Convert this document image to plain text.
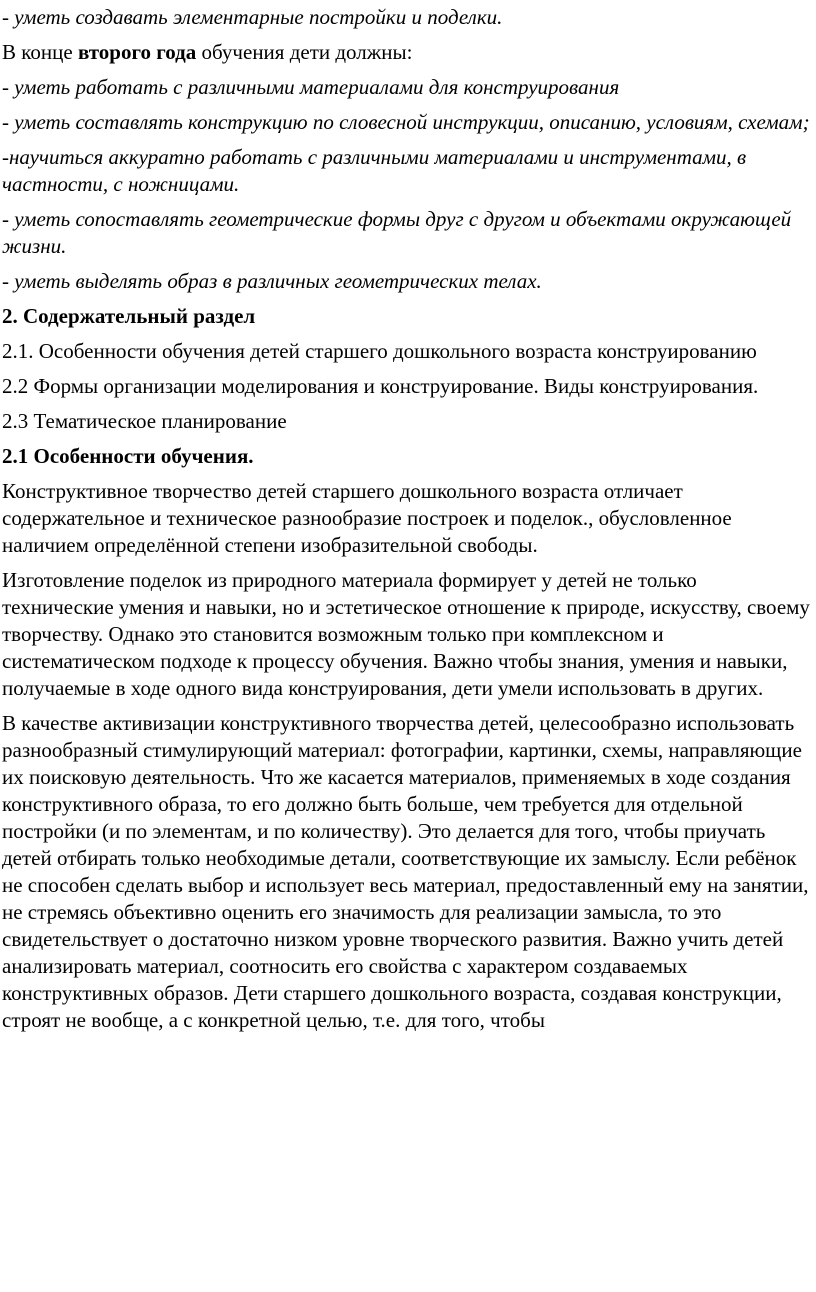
- уметь создавать элементарные постройки и поделки.

В конце второго года обучения дети должны:

- уметь работать с различными материалами для конструирования

- уметь составлять конструкцию по словесной инструкции, описанию, условиям, схемам;

-научиться аккуратно работать с различными материалами и инструментами, в частности, с ножницами.

- уметь сопоставлять геометрические формы друг с другом и объектами окружающей жизни.

- уметь выделять образ в различных геометрических телах.

2. Содержательный раздел

2.1. Особенности обучения детей старшего дошкольного возраста конструированию

2.2 Формы организации моделирования и конструирование. Виды конструирования.

2.3 Тематическое планирование

2.1 Особенности обучения.

Конструктивное творчество детей старшего дошкольного возраста отличает содержательное и техническое разнообразие построек и поделок., обусловленное наличием определённой степени изобразительной свободы.

Изготовление поделок из природного материала формирует у детей не только технические умения и навыки, но и эстетическое отношение к природе, искусству, своему творчеству. Однако это становится возможным только при комплексном и систематическом подходе к процессу обучения. Важно чтобы знания, умения и навыки, получаемые в ходе одного вида конструирования, дети умели использовать в других.

В качестве активизации конструктивного творчества детей, целесообразно использовать разнообразный стимулирующий материал: фотографии, картинки, схемы, направляющие их поисковую деятельность. Что же касается материалов, применяемых в ходе создания конструктивного образа, то его должно быть больше, чем требуется для отдельной постройки (и по элементам, и по количеству). Это делается для того, чтобы приучать детей отбирать только необходимые детали, соответствующие их замыслу. Если ребёнок не способен сделать выбор и использует весь материал, предоставленный ему на занятии, не стремясь объективно оценить его значимость для реализации замысла, то это свидетельствует о достаточно низком уровне творческого развития. Важно учить детей анализировать материал, соотносить его свойства с характером создаваемых конструктивных образов. Дети старшего дошкольного возраста, создавая конструкции, строят не вообще, а с конкретной целью, т.е. для того, чтобы
